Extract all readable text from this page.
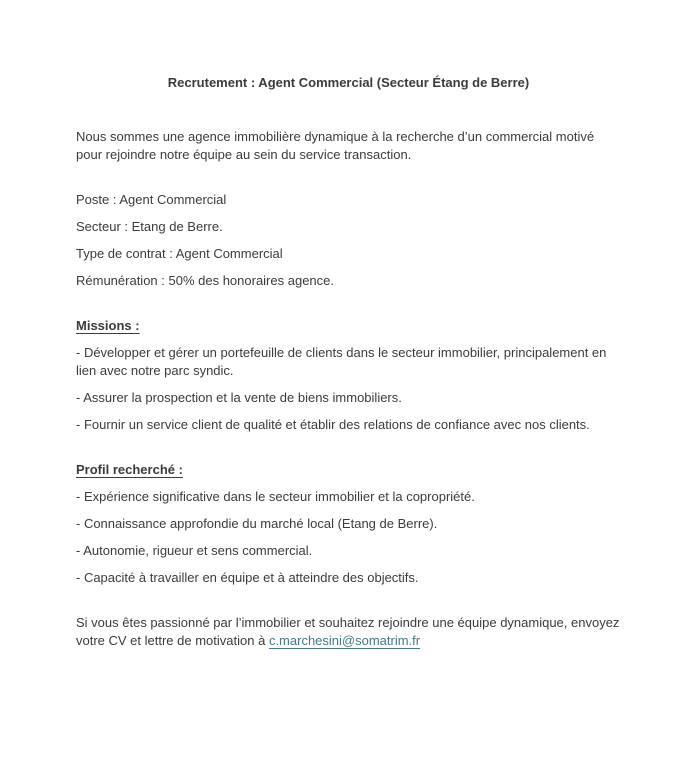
Recrutement : Agent Commercial (Secteur Étang de Berre)

Nous sommes une agence immobilière dynamique à la recherche d’un commercial motivé pour rejoindre notre équipe au sein du service transaction.

Poste : Agent Commercial

Secteur : Etang de Berre.

Type de contrat : Agent Commercial

Rémunération : 50% des honoraires agence.

Missions :

- Développer et gérer un portefeuille de clients dans le secteur immobilier, principalement en lien avec notre parc syndic.

- Assurer la prospection et la vente de biens immobiliers.

- Fournir un service client de qualité et établir des relations de confiance avec nos clients.

Profil recherché :

- Expérience significative dans le secteur immobilier et la copropriété.

- Connaissance approfondie du marché local (Etang de Berre).

- Autonomie, rigueur et sens commercial.

- Capacité à travailler en équipe et à atteindre des objectifs.

Si vous êtes passionné par l’immobilier et souhaitez rejoindre une équipe dynamique, envoyez votre CV et lettre de motivation à c.marchesini@somatrim.fr
